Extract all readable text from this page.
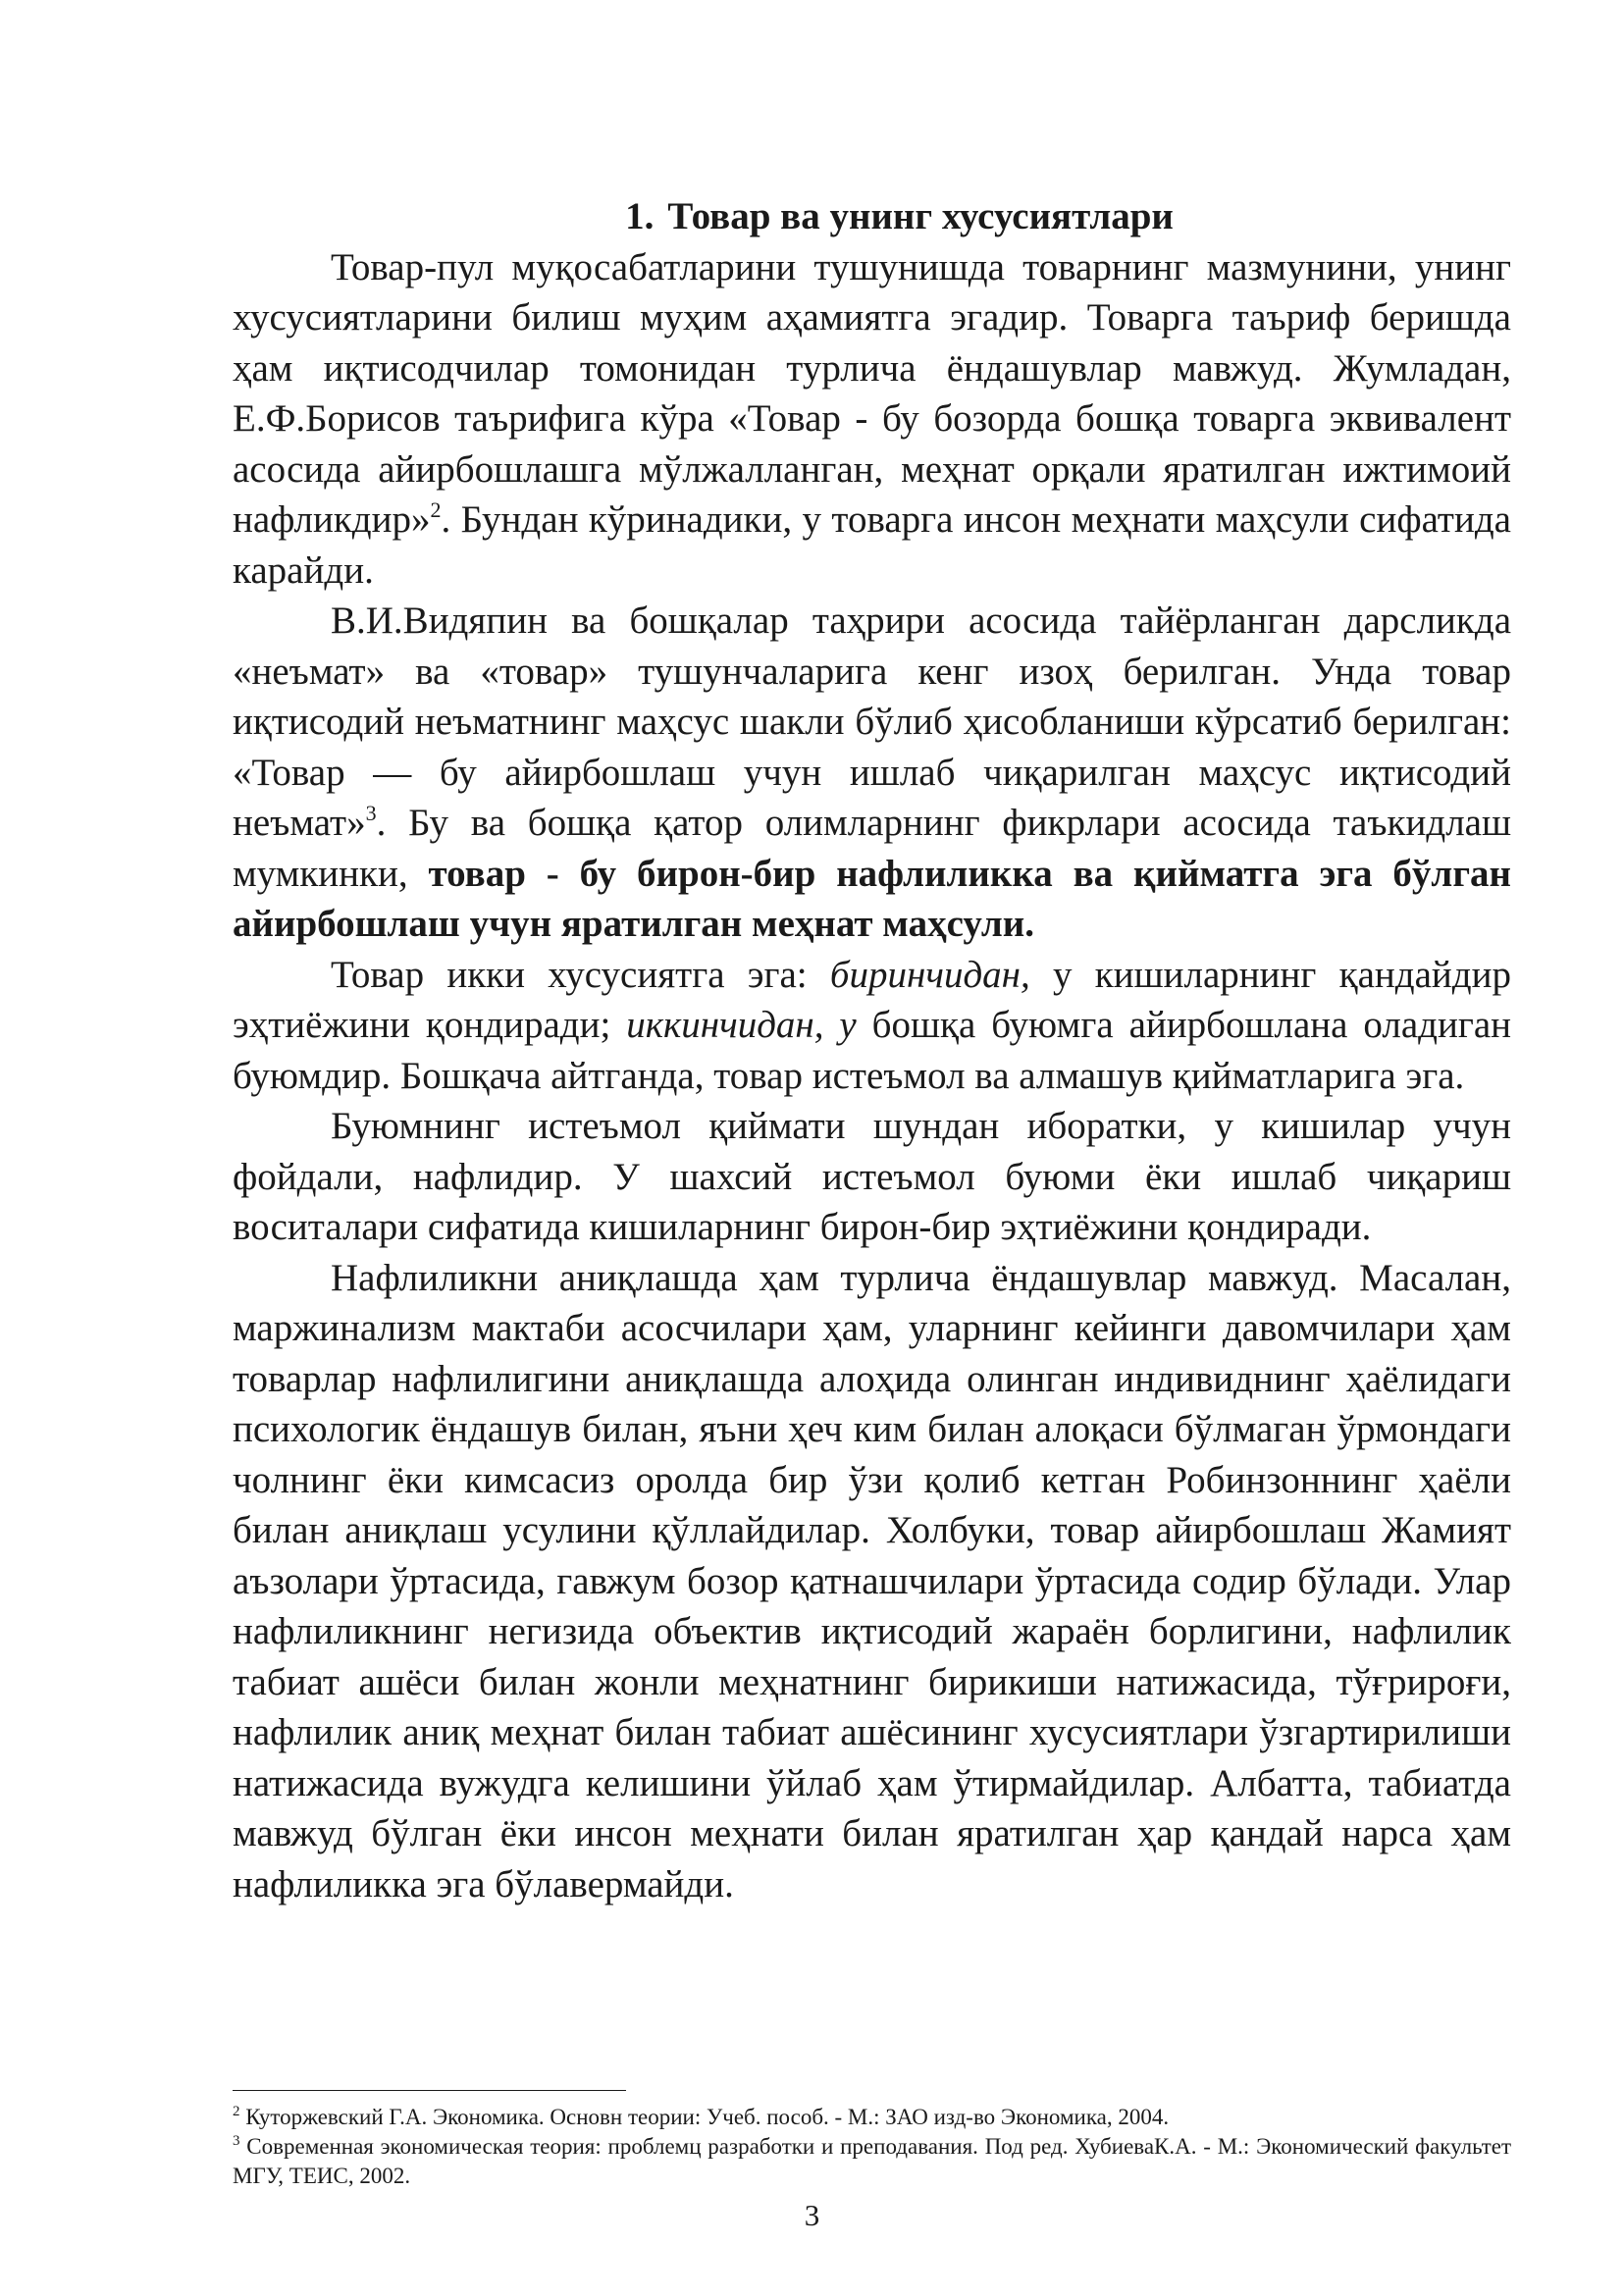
1. Товар ва унинг хусусиятлари

Товар-пул муқосабатларини тушунишда товарнинг мазмунини, унинг хусусиятларини билиш муҳим аҳамиятга эгадир. Товарга таъриф беришда ҳам иқтисодчилар томонидан турлича ёндашувлар мавжуд. Жумладан, Е.Ф.Борисов таърифига кўра «Товар - бу бозорда бошқа товарга эквивалент асосида айирбошлашга мўлжалланган, меҳнат орқали яратилган ижтимоий нафликдир»$^2$. Бундан кўринадики, у товарга инсон меҳнати маҳсули сифатида карайди.

В.И.Видяпин ва бошқалар таҳрири асосида тайёрланган дарсликда «неъмат» ва «товар» тушунчаларига кенг изоҳ берилган. Унда товар иқтисодий неъматнинг маҳсус шакли бўлиб ҳисобланиши кўрсатиб берилган: «Товар — бу айирбошлаш учун ишлаб чиқарилган маҳсус иқтисодий неъмат»$^3$. Бу ва бошқа қатор олимларнинг фикрлари асосида таъкидлаш мумкинки, товар - бу бирон-бир нафлиликка ва қийматга эга бўлган айирбошлаш учун яратилган меҳнат маҳсули.

Товар икки хусусиятга эга: биринчидан, у кишиларнинг қандайдир эҳтиёжини қондиради; иккинчидан, у бошқа буюмга айирбошлана оладиган буюмдир. Бошқача айтганда, товар истеъмол ва алмашув қийматларига эга.

Буюмнинг истеъмол қиймати шундан иборатки, у кишилар учун фойдали, нафлидир. У шахсий истеъмол буюми ёки ишлаб чиқариш воситалари сифатида кишиларнинг бирон-бир эҳтиёжини қондиради.

Нафлиликни аниқлашда ҳам турлича ёндашувлар мавжуд. Масалан, маржинализм мактаби асосчилари ҳам, уларнинг кейинги давомчилари ҳам товарлар нафлилигини аниқлашда алоҳида олинган индивиднинг ҳаёлидаги психологик ёндашув билан, яъни ҳеч ким билан алоқаси бўлмаган ўрмондаги чолнинг ёки кимсасиз оролда бир ўзи қолиб кетган Робинзоннинг ҳаёли билан аниқлаш усулини қўллайдилар. Холбуки, товар айирбошлаш Жамият аъзолари ўртасида, гавжум бозор қатнашчилари ўртасида содир бўлади. Улар нафлиликнинг негизида объектив иқтисодий жараён борлигини, нафлилик табиат ашёси билан жонли меҳнатнинг бирикиши натижасида, тўғрироғи, нафлилик аниқ меҳнат билан табиат ашёсининг хусусиятлари ўзгартирилиши натижасида вужудга келишини ўйлаб ҳам ўтирмайдилар. Албатта, табиатда мавжуд бўлган ёки инсон меҳнати билан яратилган ҳар қандай нарса ҳам нафлиликка эга бўлавермайди.

$^2$ Куторжевский Г.А. Экономика. Основн теории: Учеб. пособ. - М.: ЗАО изд-во Экономика, 2004.

$^3$ Современная экономическая теория: проблемц разработки и преподавания. Под ред. ХубиеваК.А. - М.: Экономический факультет МГУ, ТЕИС, 2002.

3
